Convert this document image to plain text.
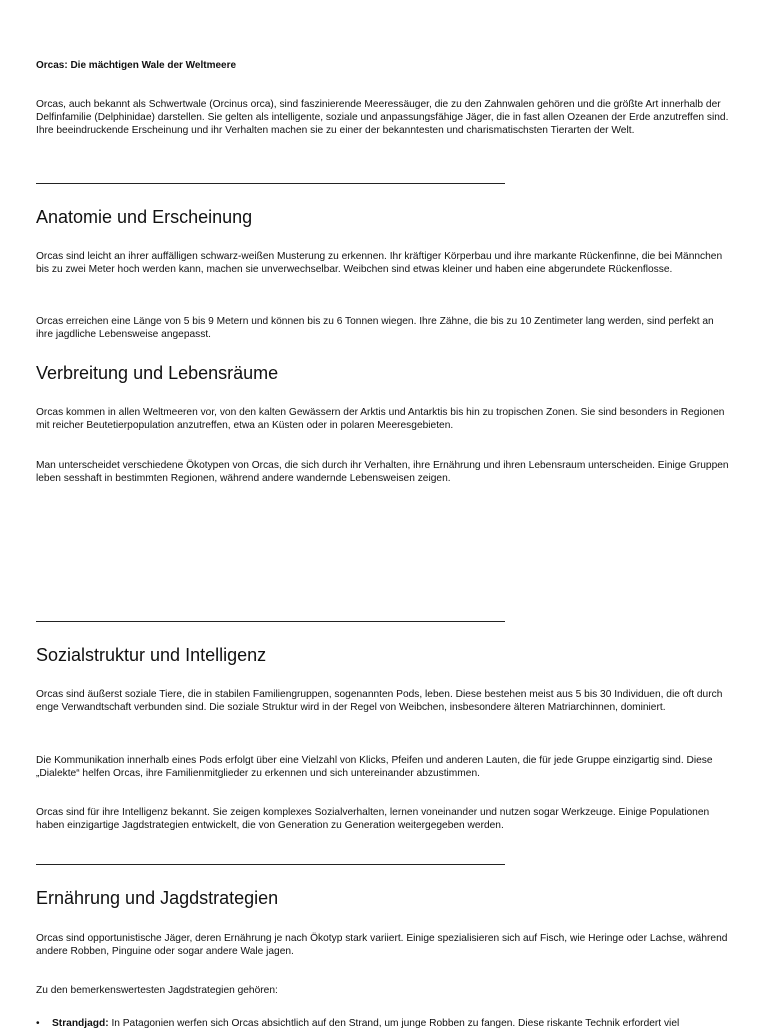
Orcas: Die mächtigen Wale der Weltmeere

Orcas, auch bekannt als Schwertwale (Orcinus orca), sind faszinierende Meeressäuger, die zu den Zahnwalen gehören und die größte Art innerhalb der Delfinfamilie (Delphinidae) darstellen. Sie gelten als intelligente, soziale und anpassungsfähige Jäger, die in fast allen Ozeanen der Erde anzutreffen sind. Ihre beeindruckende Erscheinung und ihr Verhalten machen sie zu einer der bekanntesten und charismatischsten Tierarten der Welt.

Anatomie und Erscheinung

Orcas sind leicht an ihrer auffälligen schwarz-weißen Musterung zu erkennen. Ihr kräftiger Körperbau und ihre markante Rückenfinne, die bei Männchen bis zu zwei Meter hoch werden kann, machen sie unverwechselbar. Weibchen sind etwas kleiner und haben eine abgerundete Rückenflosse.

Orcas erreichen eine Länge von 5 bis 9 Metern und können bis zu 6 Tonnen wiegen. Ihre Zähne, die bis zu 10 Zentimeter lang werden, sind perfekt an ihre jagdliche Lebensweise angepasst.

Verbreitung und Lebensräume

Orcas kommen in allen Weltmeeren vor, von den kalten Gewässern der Arktis und Antarktis bis hin zu tropischen Zonen. Sie sind besonders in Regionen mit reicher Beutetierpopulation anzutreffen, etwa an Küsten oder in polaren Meeresgebieten.

Man unterscheidet verschiedene Ökotypen von Orcas, die sich durch ihr Verhalten, ihre Ernährung und ihren Lebensraum unterscheiden. Einige Gruppen leben sesshaft in bestimmten Regionen, während andere wandernde Lebensweisen zeigen.

Sozialstruktur und Intelligenz

Orcas sind äußerst soziale Tiere, die in stabilen Familiengruppen, sogenannten Pods, leben. Diese bestehen meist aus 5 bis 30 Individuen, die oft durch enge Verwandtschaft verbunden sind. Die soziale Struktur wird in der Regel von Weibchen, insbesondere älteren Matriarchinnen, dominiert.

Die Kommunikation innerhalb eines Pods erfolgt über eine Vielzahl von Klicks, Pfeifen und anderen Lauten, die für jede Gruppe einzigartig sind. Diese „Dialekte“ helfen Orcas, ihre Familienmitglieder zu erkennen und sich untereinander abzustimmen.

Orcas sind für ihre Intelligenz bekannt. Sie zeigen komplexes Sozialverhalten, lernen voneinander und nutzen sogar Werkzeuge. Einige Populationen haben einzigartige Jagdstrategien entwickelt, die von Generation zu Generation weitergegeben werden.

Ernährung und Jagdstrategien

Orcas sind opportunistische Jäger, deren Ernährung je nach Ökotyp stark variiert. Einige spezialisieren sich auf Fisch, wie Heringe oder Lachse, während andere Robben, Pinguine oder sogar andere Wale jagen.

Zu den bemerkenswertesten Jagdstrategien gehören:

• Strandjagd: In Patagonien werfen sich Orcas absichtlich auf den Strand, um junge Robben zu fangen. Diese riskante Technik erfordert viel
